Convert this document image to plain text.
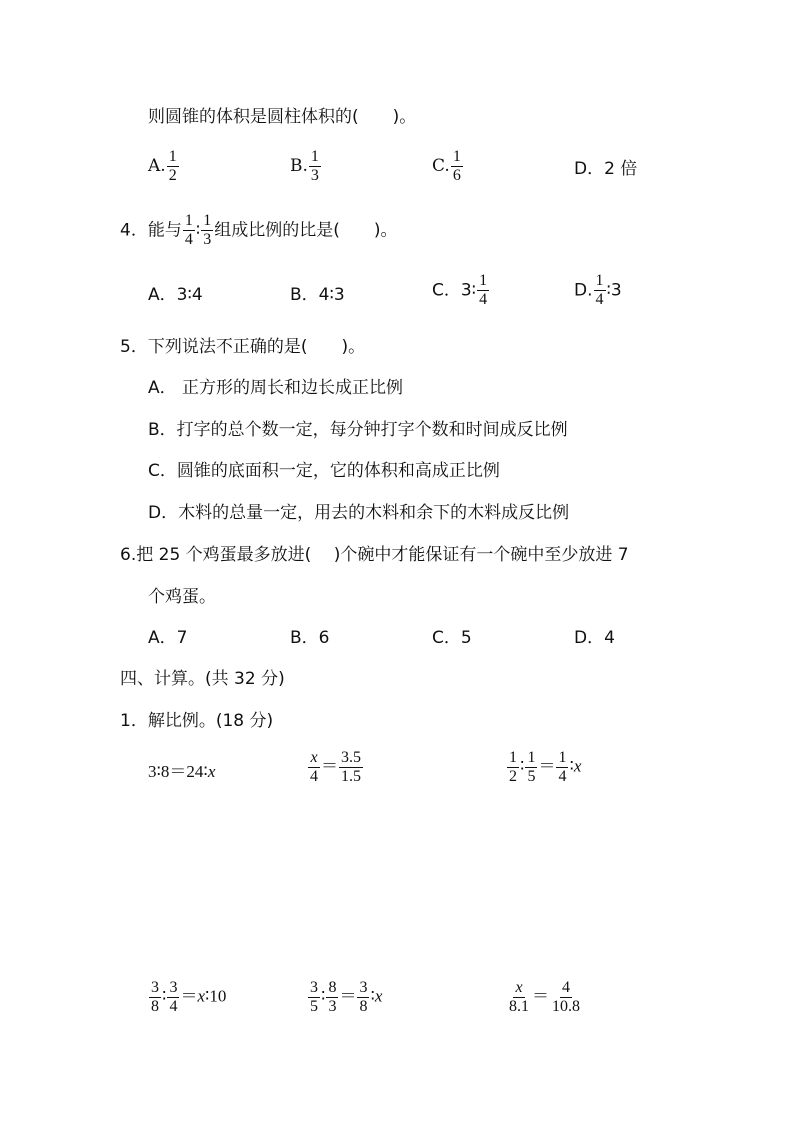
则圆锥的体积是圆柱体积的(　　)。
A. $\frac{1}{2}$	B. $\frac{1}{3}$	C. $\frac{1}{6}$	D．2 倍
4．能与 $\frac{1}{4}$ ∶ $\frac{1}{3}$ 组成比例的比是(　　)。
A．3∶4	B．4∶3	C．3∶ $\frac{1}{4}$	D. $\frac{1}{4}$ ∶3
5．下列说法不正确的是(　　)。
A． 正方形的周长和边长成正比例
B．打字的总个数一定，每分钟打字个数和时间成反比例
C．圆锥的底面积一定，它的体积和高成正比例
D．木料的总量一定，用去的木料和余下的木料成反比例
6.把 25 个鸡蛋最多放进(　 )个碗中才能保证有一个碗中至少放进 7
个鸡蛋。
A．7	B．6	C．5	D．4
四、计算。(共 32 分)
1．解比例。(18 分)
3∶8＝24∶x	$\frac{x}{4} = \frac{3.5}{1.5}$	$\frac{1}{2}$ ∶ $\frac{1}{5} = \frac{1}{4}$ ∶x
$\frac{3}{8}$ ∶ $\frac{3}{4}$ ＝x∶10	$\frac{3}{5}$ ∶ $\frac{8}{3} = \frac{3}{8}$ ∶x	$\frac{x}{8.1} = \frac{4}{10.8}$
